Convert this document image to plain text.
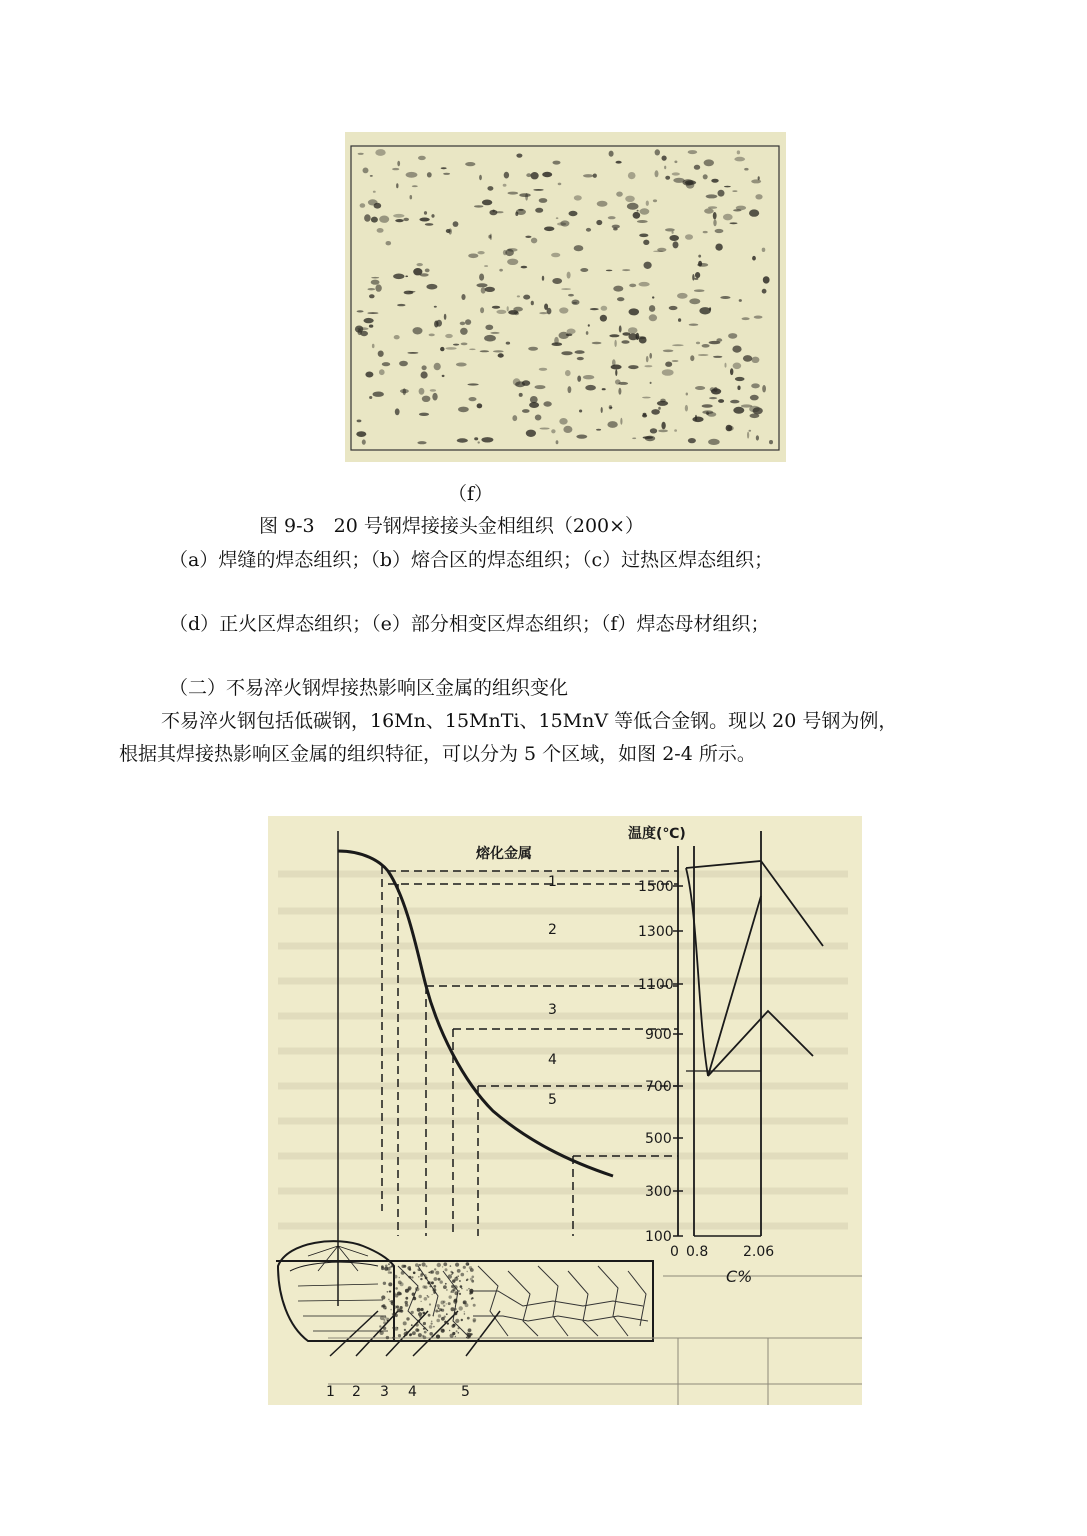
（f）
图 9-3　20 号钢焊接接头金相组织（200×）
（a）焊缝的焊态组织；（b）熔合区的焊态组织；（c）过热区焊态组织；
（d）正火区焊态组织；（e）部分相变区焊态组织；（f）焊态母材组织；
（二）不易淬火钢焊接热影响区金属的组织变化
不易淬火钢包括低碳钢，16Mn、15MnTi、15MnV 等低合金钢。现以 20 号钢为例，
根据其焊接热影响区金属的组织特征，可以分为 5 个区域，如图 2-4 所示。
温度(℃)
熔化金属
1
2
3
4
5
1500
1300
1100
900
700
500
300
100
0 0.8 2.06
C%
1 2 3 4	5
